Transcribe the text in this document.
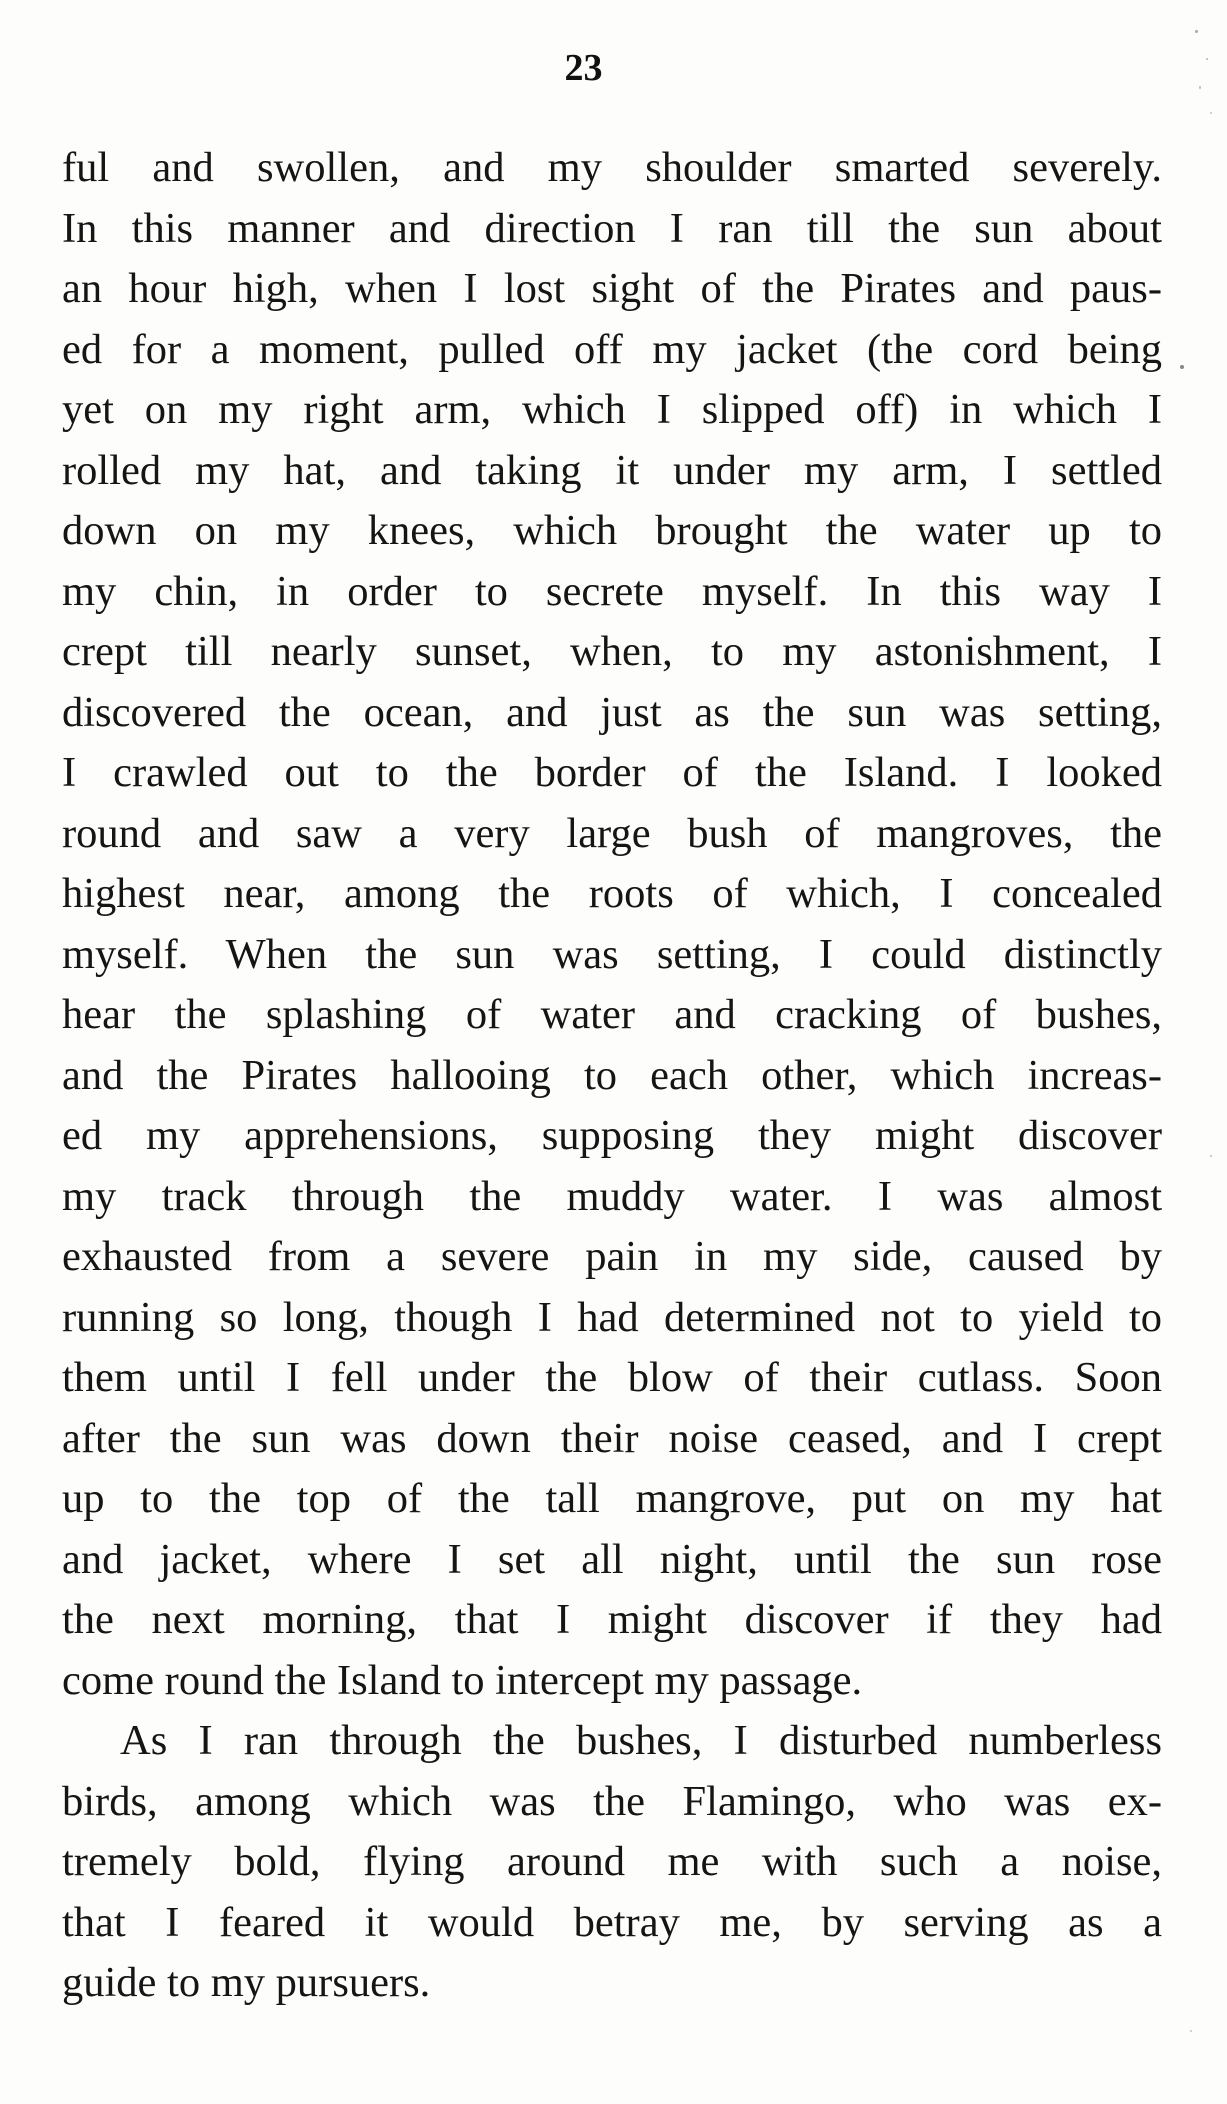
23
ful and swollen, and my shoulder smarted severely.
In this manner and direction I ran till the sun about
an hour high, when I lost sight of the Pirates and paus-
ed for a moment, pulled off my jacket (the cord being
yet on my right arm, which I slipped off) in which I
rolled my hat, and taking it under my arm, I settled
down on my knees, which brought the water up to
my chin, in order to secrete myself. In this way I
crept till nearly sunset, when, to my astonishment, I
discovered the ocean, and just as the sun was setting,
I crawled out to the border of the Island. I looked
round and saw a very large bush of mangroves, the
highest near, among the roots of which, I concealed
myself. When the sun was setting, I could distinctly
hear the splashing of water and cracking of bushes,
and the Pirates hallooing to each other, which increas-
ed my apprehensions, supposing they might discover
my track through the muddy water. I was almost
exhausted from a severe pain in my side, caused by
running so long, though I had determined not to yield to
them until I fell under the blow of their cutlass. Soon
after the sun was down their noise ceased, and I crept
up to the top of the tall mangrove, put on my hat
and jacket, where I set all night, until the sun rose
the next morning, that I might discover if they had
come round the Island to intercept my passage.
As I ran through the bushes, I disturbed numberless
birds, among which was the Flamingo, who was ex-
tremely bold, flying around me with such a noise,
that I feared it would betray me, by serving as a
guide to my pursuers.
